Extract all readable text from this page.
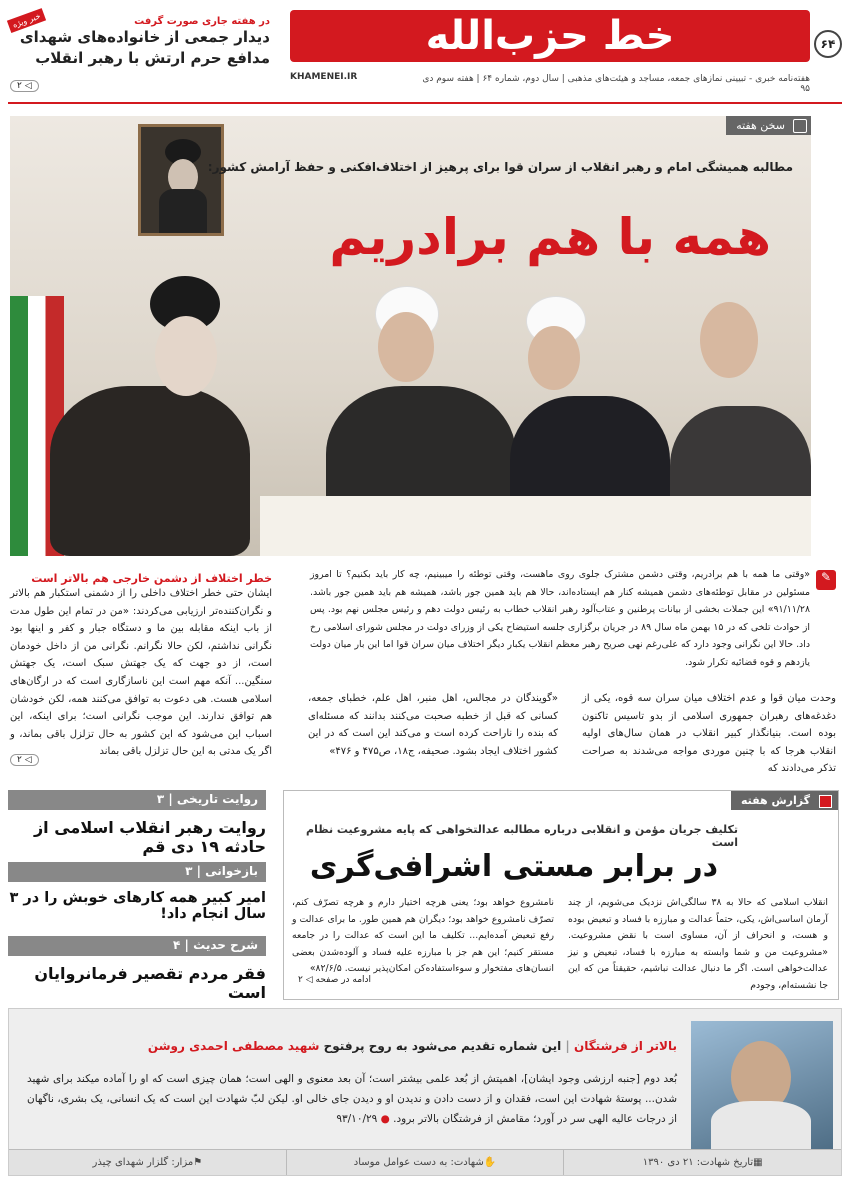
خط حزب‌الله	۶۴
هفته‌نامه خبری - تبیینی نمازهای جمعه، مساجد و هیئت‌های مذهبی | سال دوم، شماره ۶۴ | هفته سوم دی ۹۵
KHAMENEI.IR
در هفته‌ جاری صورت گرفت
دیدار جمعی از خانواده‌های شهدای مدافع حرم ارتش با رهبر انقلاب
خبر ویژه
◁ ۲
سخن هفته
مطالبه همیشگی امام و رهبر انقلاب از سران قوا برای پرهیز از اختلاف‌افکنی و حفظ آرامش کشور:
همه با هم برادریم
✎
«وقتی ما همه با هم برادریم، وقتی دشمن مشترک جلوی روی ماهست، وقتی توطئه را میبینیم، چه کار باید بکنیم؟ تا امروز مسئولین در مقابل توطئه‌های دشمن همیشه کنار هم ایستاده‌اند، حالا هم باید همین جور باشد، همیشه هم باید همین جور باشد. ۹۱/۱۱/۲۸» این جملات بخشی از بیانات پرطنین و عتاب‌آلود رهبر انقلاب خطاب به رئیس دولت دهم و رئیس مجلس نهم بود. پس از حوادث تلخی که در ۱۵ بهمن ماه سال ۸۹ در جریان برگزاری جلسه استیضاح یکی از وزرای دولت در مجلس شورای اسلامی رخ داد. حالا این نگرانی وجود دارد که علی‌رغم نهی صریح رهبر معظم انقلاب یکبار دیگر اختلاف میان سران قوا اما این بار میان دولت یازدهم و قوه قضائیه تکرار شود.
وحدت میان قوا و عدم اختلاف میان سران سه قوه، یکی از دغدغه‌های رهبران جمهوری اسلامی از بدو تاسیس تاکنون بوده است. بنیانگذار کبیر انقلاب در همان سال‌های اولیه انقلاب هرجا که با چنین موردی مواجه می‌شدند به صراحت تذکر می‌دادند که
«گویندگان در مجالس، اهل منبر، اهل علم، خطبای جمعه، کسانی که قبل از خطبه صحبت می‌کنند بدانند که مسئله‌ای که بنده را ناراحت کرده است و می‌کند این است که در این کشور اختلاف ایجاد بشود. صحیفه، ج۱۸، ص۴۷۵ و ۴۷۶»
خطر اختلاف از دشمن خارجی هم بالاتر است
ایشان حتی خطر اختلاف داخلی را از دشمنی استکبار هم بالاتر و نگران‌کننده‌تر ارزیابی می‌کردند: «من در تمام این طول مدت از باب اینکه مقابله بین ما و دستگاه جبار و کفر و اینها بود نگرانی نداشتم، لکن حالا نگرانم. نگرانی من از داخل خودمان است، از دو جهت که یک جهتش سبک است، یک جهتش سنگین... آنکه مهم است این ناسازگاری است که در ارگان‌های اسلامی هست. هی دعوت به توافق می‌کنند همه، لکن خودشان هم توافق ندارند. این موجب نگرانی است؛ برای اینکه، این اسباب این می‌شود که این کشور به حال تزلزل باقی بماند، و اگر یک مدتی به این حال تزلزل باقی بماند
◁ ۲
روایت تاریخی | ۳
روایت رهبر انقلاب اسلامی از حادثه ۱۹ دی قم
بازخوانی | ۳
امیر کبیر همه کارهای خوبش را در ۳ سال انجام داد!
شرح حدیث | ۴
فقر مردم تقصیر فرمانروایان است
گزارش هفته
تکلیف جریان مؤمن و انقلابی درباره مطالبه عدالتخواهی که پایه مشروعیت نظام است
در برابر مستی اشرافی‌گری
انقلاب اسلامی که حالا به ۳۸ سالگی‌اش نزدیک می‌شویم، از چند آرمان اساسی‌اش، یکی، حتماً عدالت و مبارزه با فساد و تبعیض بوده و هست، و انحراف از آن، مساوی است با نقض مشروعیت. «مشروعیت من و شما وابسته به مبارزه با فساد، تبعیض و نیز عدالت‌خواهی است. اگر ما دنبال عدالت نباشیم، حقیقتاً من که این جا نشسته‌ام، وجودم
نامشروع خواهد بود؛ یعنی هرچه اختیار دارم و هرچه تصرّف کنم، تصرّف نامشروع خواهد بود؛ دیگران هم همین طور. ما برای عدالت و رفع تبعیض آمده‌ایم... تکلیف ما این است که عدالت را در جامعه مستقر کنیم؛ این هم جز با مبارزه علیه فساد و آلوده‌شدن بعضی انسان‌های مفتخوار و سوءاستفاده‌کن امکان‌پذیر نیست. ۸۲/۶/۵»
ادامه در صفحه ◁ ۲
بالاتر از فرشتگان | این شماره تقدیم می‌شود به روح پرفتوح شهید مصطفی احمدی روشن
بُعد دوم [جنبه ارزشی وجود ایشان]، اهمیتش از بُعد علمی بیشتر است؛ آن بعد معنوی و الهی است؛ همان چیزی است که او را آماده میکند برای شهید شدن... پوستهٔ شهادت این است، فقدان و از دست دادن و ندیدن او و دیدن جای خالی او. لیکن لبّ شهادت این است که یک انسانی، یک بشری، ناگهان از درجات عالیه الهی سر در آورد؛ مقامش از فرشتگان بالاتر برود. ● ۹۳/۱۰/۲۹
▦
تاریخ شهادت: ۲۱ دی ۱۳۹۰
✋
شهادت: به دست عوامل موساد
⚑
مزار: گلزار شهدای چیذر
